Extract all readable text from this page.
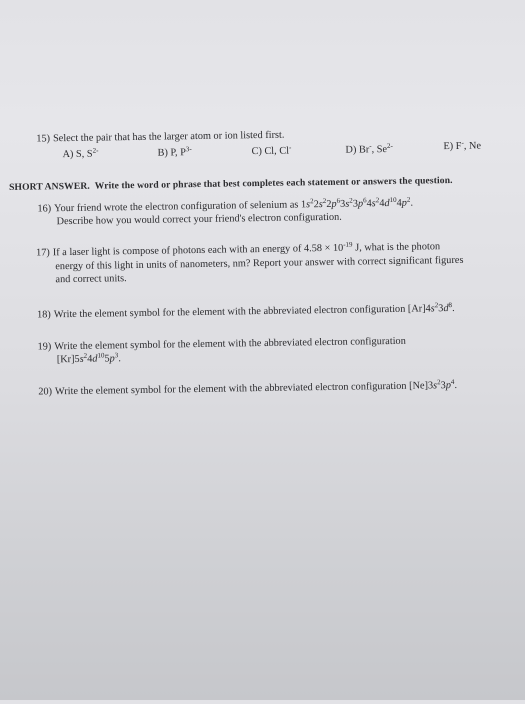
15) Select the pair that has the larger atom or ion listed first.
A) S, $S^{2-}$	B) P, $P^{3-}$	C) Cl, Cl-	D) Br-, $Se^{2-}$	E) F-, Ne
SHORT ANSWER. Write the word or phrase that best completes each statement or answers the question.
16) Your friend wrote the electron configuration of selenium as $1s^22s^22p^63s^23p^64s^24d^{10}4p^2$.
Describe how you would correct your friend's electron configuration.
17) If a laser light is compose of photons each with an energy of $4.58 \times 10^{-19}$ J, what is the photon
energy of this light in units of nanometers, nm? Report your answer with correct significant figures
and correct units.
18) Write the element symbol for the element with the abbreviated electron configuration $[Ar]4s^23d^8$.
19) Write the element symbol for the element with the abbreviated electron configuration
$[Kr]5s^24d^{10}5p^3$.
20) Write the element symbol for the element with the abbreviated electron configuration $[Ne]3s^23p^4$.
